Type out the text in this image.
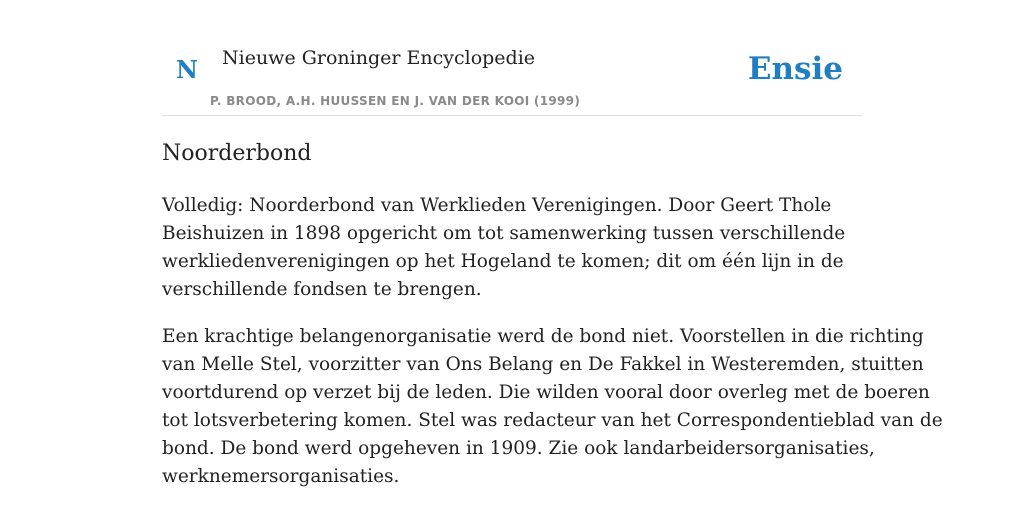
N Nieuwe Groninger Encyclopedie
P. BROOD, A.H. HUUSSEN EN J. VAN DER KOOI (1999)
Ensie
Noorderbond

Volledig: Noorderbond van Werklieden Verenigingen. Door Geert Thole
Beishuizen in 1898 opgericht om tot samenwerking tussen verschillende
werkliedenverenigingen op het Hogeland te komen; dit om één lijn in de
verschillende fondsen te brengen.

Een krachtige belangenorganisatie werd de bond niet. Voorstellen in die richting
van Melle Stel, voorzitter van Ons Belang en De Fakkel in Westeremden, stuitten
voortdurend op verzet bij de leden. Die wilden vooral door overleg met de boeren
tot lotsverbetering komen. Stel was redacteur van het Correspondentieblad van de
bond. De bond werd opgeheven in 1909. Zie ook landarbeidersorganisaties,
werknemersorganisaties.
